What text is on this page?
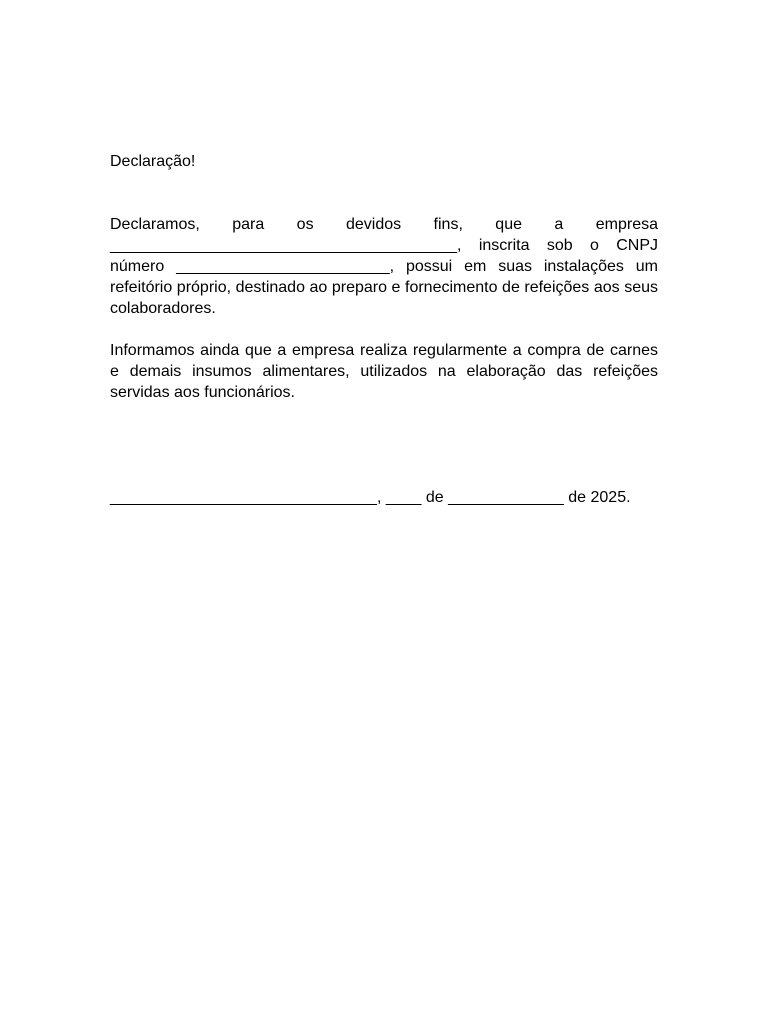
Declaração!

Declaramos, para os devidos fins, que a empresa _______________________________________, inscrita sob o CNPJ número ________________________, possui em suas instalações um refeitório próprio, destinado ao preparo e fornecimento de refeições aos seus colaboradores.

Informamos ainda que a empresa realiza regularmente a compra de carnes e demais insumos alimentares, utilizados na elaboração das refeições servidas aos funcionários.

______________________________, ____ de _____________ de 2025.
